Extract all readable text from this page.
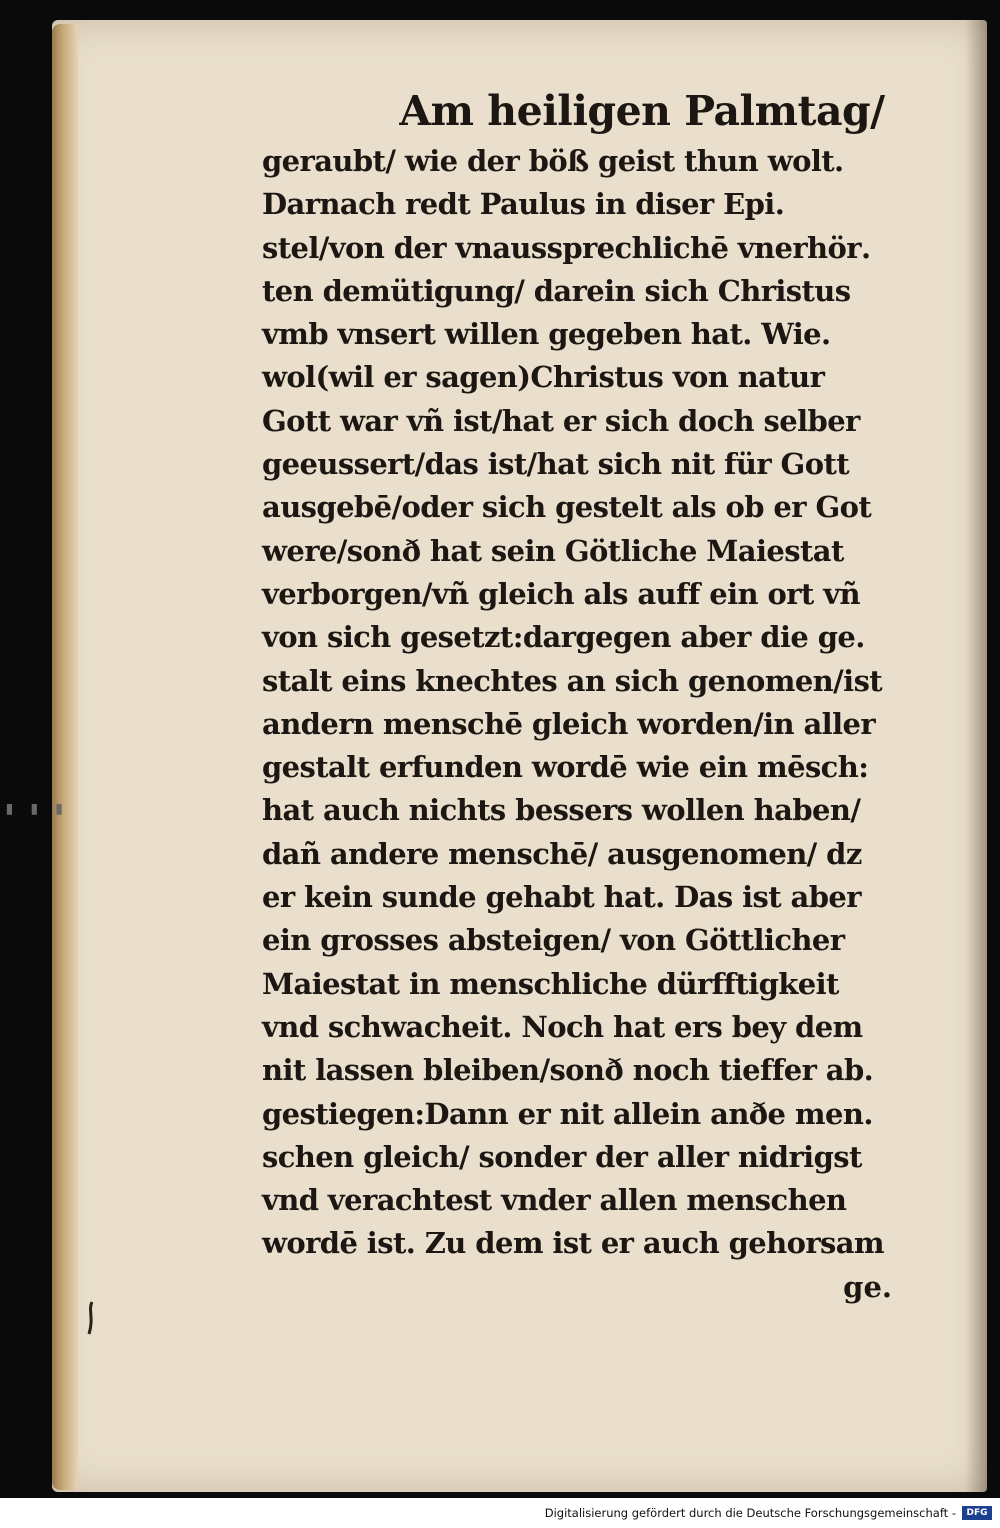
▮▮▮
Am heiligen Palmtag/
geraubt/ wie der böß geist thun wolt.
Darnach redt Paulus in diser Epi․
stel/von der vnaussprechlichē vnerhör․
ten demütigung/ darein sich Christus
vmb vnsert willen gegeben hat. Wie․
wol(wil er sagen)Christus von natur
Gott war vñ ist/hat er sich doch selber
geeussert/das ist/hat sich nit für Gott
ausgebē/oder sich gestelt als ob er Got
were/sonð hat sein Götliche Maiestat
verborgen/vñ gleich als auff ein ort vñ
von sich gesetzt:dargegen aber die ge․
stalt eins knechtes an sich genomen/ist
andern menschē gleich worden/in aller
gestalt erfunden wordē wie ein mēsch:
hat auch nichts bessers wollen haben/
dañ andere menschē/ ausgenomen/ dz
er kein sunde gehabt hat. Das ist aber
ein grosses absteigen/ von Göttlicher
Maiestat in menschliche dürfftigkeit
vnd schwacheit. Noch hat ers bey dem
nit lassen bleiben/sonð noch tieffer ab․
gestiegen:Dann er nit allein anðe men․
schen gleich/ sonder der aller nidrigst
vnd verachtest vnder allen menschen
wordē ist. Zu dem ist er auch gehorsam
ge․
Digitalisierung gefördert durch die Deutsche Forschungsgemeinschaft -	DFG
